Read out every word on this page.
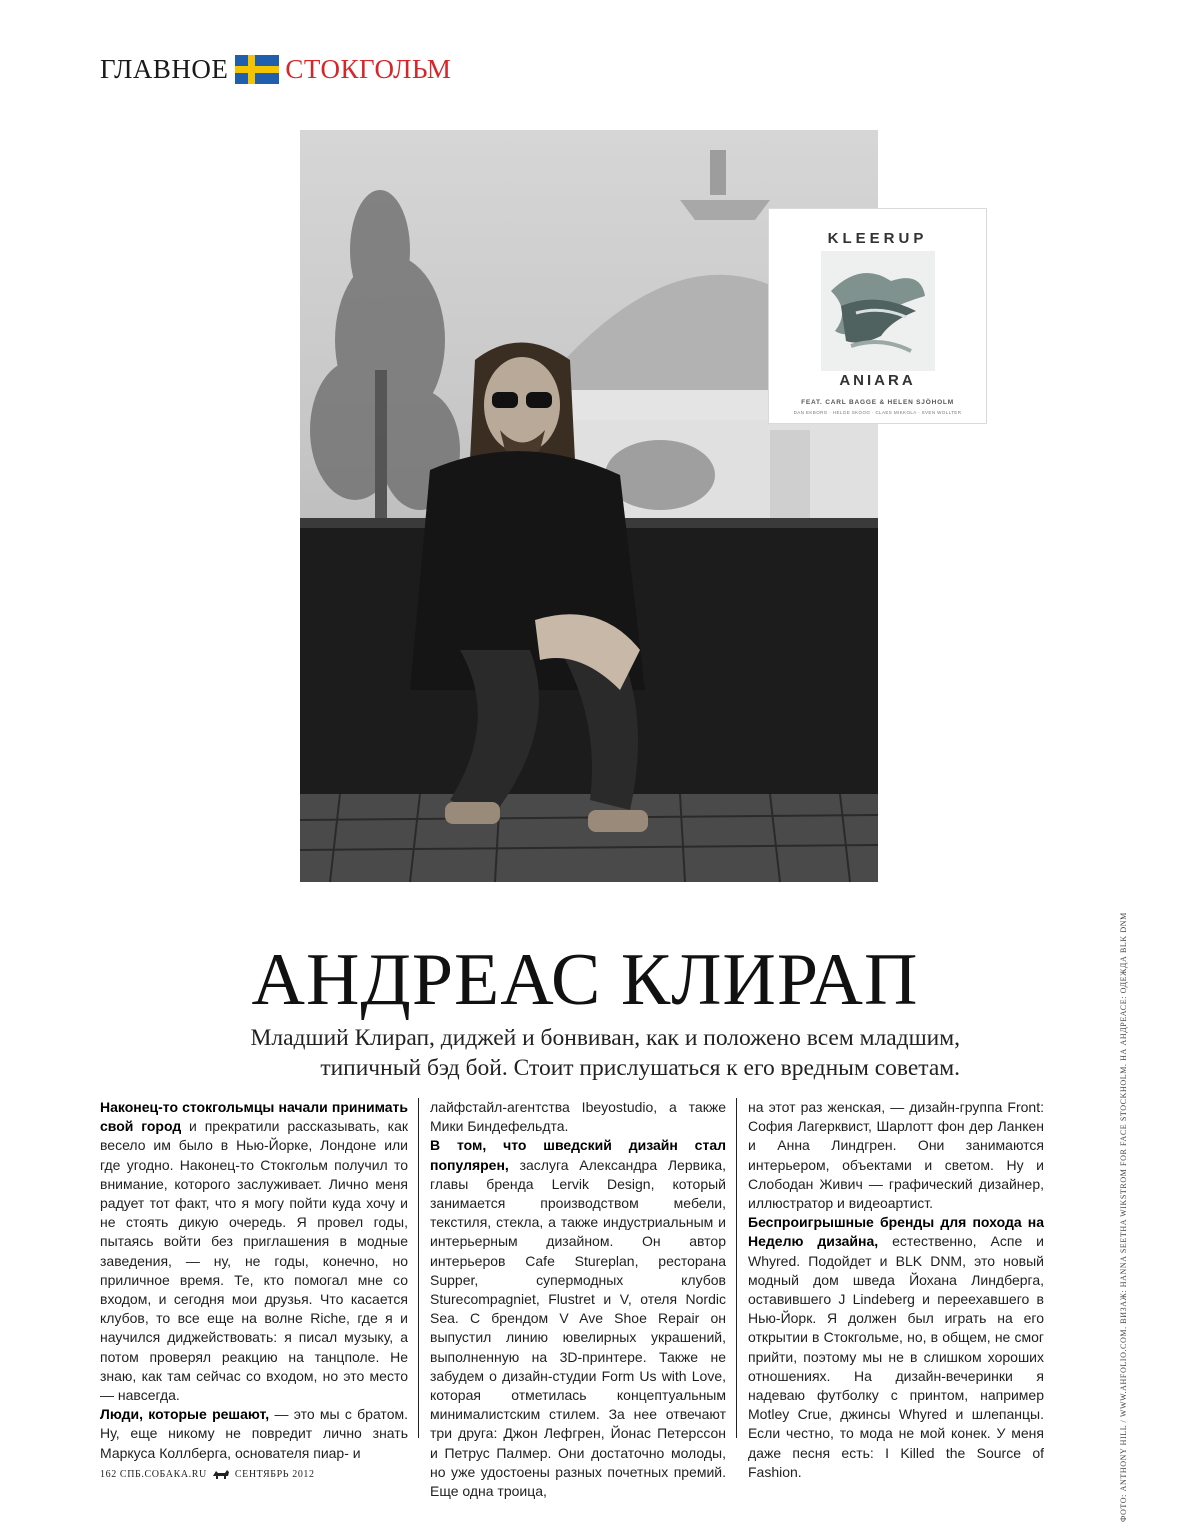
ГЛАВНОЕ СТОКГОЛЬМ
KLEERUP
ANIARA
FEAT. CARL BAGGE & HELEN SJÖHOLM
DAN EKBORG · HELGE SKOOG · CLAES MIKKOLA · SVEN WOLLTER
ФОТО: ANTHONY HILL / WWW.AHFOLIO.COM. ВИЗАЖ: HANNA SEETHA WIKSTROM FOR FACE STOCKHOLM. НА АНДРЕАСЕ: ОДЕЖДА BLK DNM
АНДРЕАС КЛИРАП
Младший Клирап, диджей и бонвиван, как и положено всем младшим,
типичный бэд бой. Стоит прислушаться к его вредным советам.

Наконец-то стокгольмцы начали принимать свой город и прекратили рассказывать, как весело им было в Нью-Йорке, Лондоне или где угодно. Наконец-то Стокгольм получил то внимание, которого заслуживает. Лично меня радует тот факт, что я могу пойти куда хочу и не стоять дикую очередь. Я провел годы, пытаясь войти без приглашения в модные заведения, — ну, не годы, конечно, но приличное время. Те, кто помогал мне со входом, и сегодня мои друзья. Что касается клубов, то все еще на волне Riche, где я и научился диджействовать: я писал музыку, а потом проверял реакцию на танцполе. Не знаю, как там сейчас со входом, но это место — навсегда.

Люди, которые решают, — это мы с братом. Ну, еще никому не повредит лично знать Маркуса Коллберга, основателя пиар- и

лайфстайл-агентства Ibeyostudio, а также Мики Биндефельдта.

В том, что шведский дизайн стал популярен, заслуга Александра Лервика, главы бренда Lervik Design, который занимается производством мебели, текстиля, стекла, а также индустриальным и интерьерным дизайном. Он автор интерьеров Cafe Stureplan, ресторана Supper, супермодных клубов Sturecompagniet, Flustret и V, отеля Nordic Sea. С брендом V Ave Shoe Repair он выпустил линию ювелирных украшений, выполненную на 3D-принтере. Также не забудем о дизайн-студии Form Us with Love, которая отметилась концептуальным минималистским стилем. За нее отвечают три друга: Джон Лефгрен, Йонас Петерссон и Петрус Палмер. Они достаточно молоды, но уже удостоены разных почетных премий. Еще одна троица,

на этот раз женская, — дизайн-группа Front: София Лагерквист, Шарлотт фон дер Ланкен и Анна Линдгрен. Они занимаются интерьером, объектами и светом. Ну и Слободан Живич — графический дизайнер, иллюстратор и видеоартист.

Беспроигрышные бренды для похода на Неделю дизайна, естественно, Аспе и Whyred. Подойдет и BLK DNM, это новый модный дом шведа Йохана Линдберга, оставившего J Lindeberg и переехавшего в Нью-Йорк. Я должен был играть на его открытии в Стокгольме, но, в общем, не смог прийти, поэтому мы не в слишком хороших отношениях. На дизайн-вечеринки я надеваю футболку с принтом, например Motley Crue, джинсы Whyred и шлепанцы. Если честно, то мода не мой конек. У меня даже песня есть: I Killed the Source of Fashion.

162
СПБ.СОБАКА.RU	СЕНТЯБРЬ 2012
